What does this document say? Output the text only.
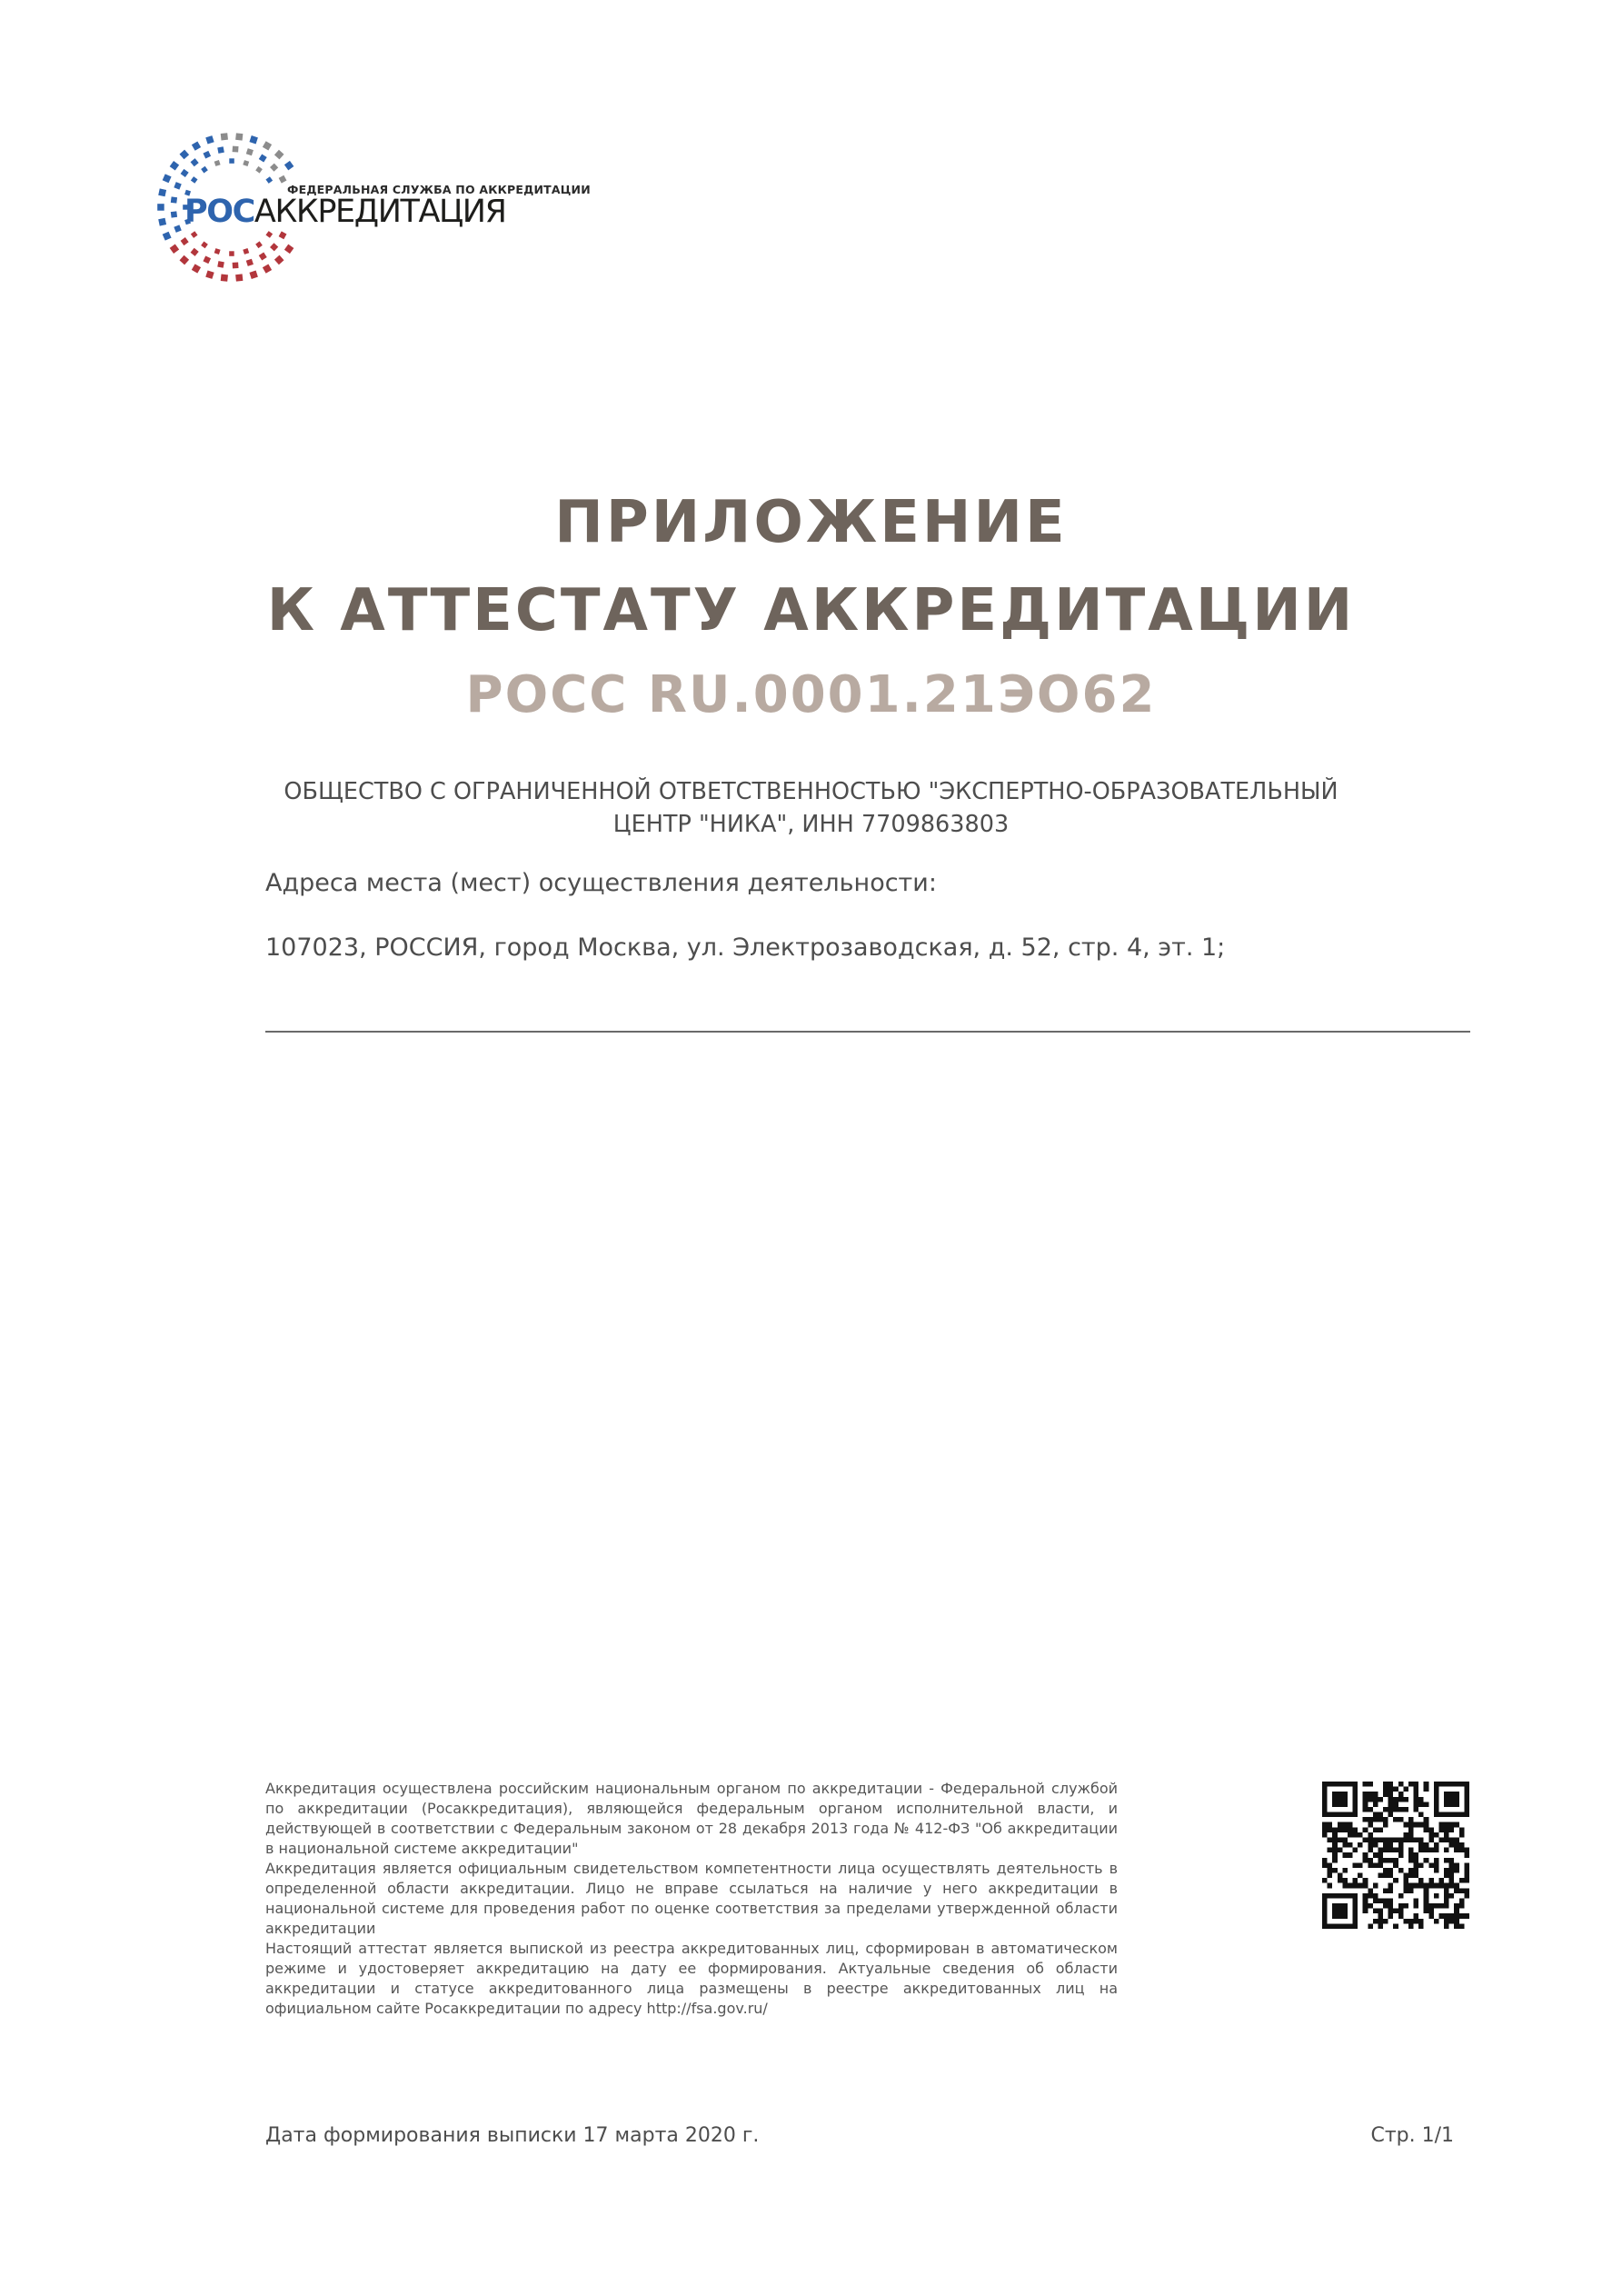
ФЕДЕРАЛЬНАЯ СЛУЖБА ПО АККРЕДИТАЦИИ
РОСАККРЕДИТАЦИЯ
ПРИЛОЖЕНИЕ
К АТТЕСТАТУ АККРЕДИТАЦИИ
РОСС RU.0001.21ЭО62
ОБЩЕСТВО С ОГРАНИЧЕННОЙ ОТВЕТСТВЕННОСТЬЮ "ЭКСПЕРТНО-ОБРАЗОВАТЕЛЬНЫЙ ЦЕНТР "НИКА", ИНН 7709863803
Адреса места (мест) осуществления деятельности:
107023, РОССИЯ, город Москва, ул. Электрозаводская, д. 52, стр. 4, эт. 1;

Аккредитация осуществлена российским национальным органом по аккредитации - Федеральной службой по аккредитации (Росаккредитация), являющейся федеральным органом исполнительной власти, и действующей в соответствии с Федеральным законом от 28 декабря 2013 года № 412-ФЗ "Об аккредитации в национальной системе аккредитации"

Аккредитация является официальным свидетельством компетентности лица осуществлять деятельность в определенной области аккредитации. Лицо не вправе ссылаться на наличие у него аккредитации в национальной системе для проведения работ по оценке соответствия за пределами утвержденной области аккредитации

Настоящий аттестат является выпиской из реестра аккредитованных лиц, сформирован в автоматическом режиме и удостоверяет аккредитацию на дату ее формирования. Актуальные сведения об области аккредитации и статусе аккредитованного лица размещены в реестре аккредитованных лиц на официальном сайте Росаккредитации по адресу http://fsa.gov.ru/

Дата формирования выписки 17 марта 2020 г.	Стр. 1/1
